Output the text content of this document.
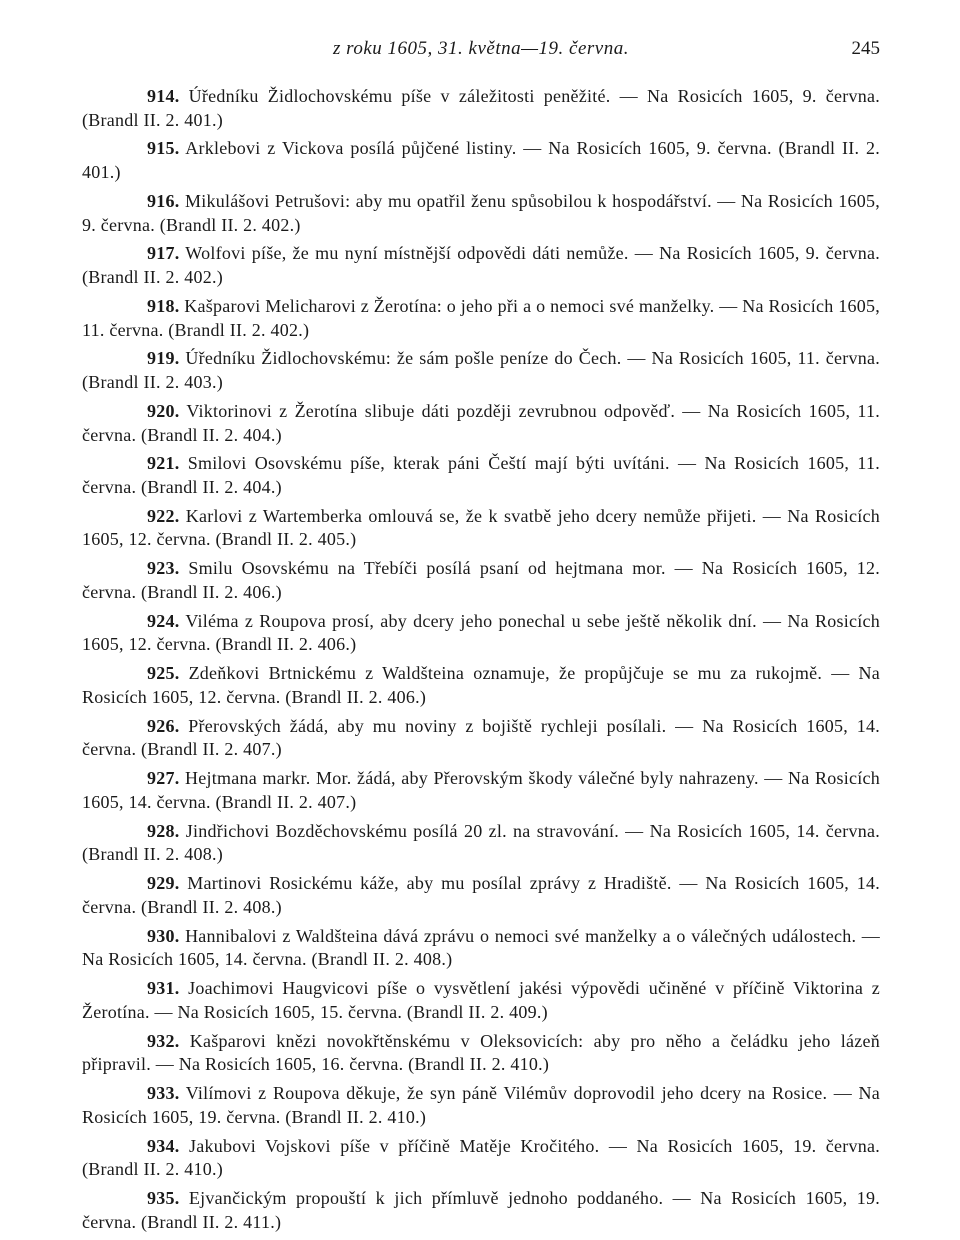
z roku 1605, 31. května—19. června.	245

914. Úředníku Židlochovskému píše v záležitosti peněžité. — Na Rosicích 1605, 9. června. (Brandl II. 2. 401.)

915. Arklebovi z Vickova posílá půjčené listiny. — Na Rosicích 1605, 9. června. (Brandl II. 2. 401.)

916. Mikulášovi Petrušovi: aby mu opatřil ženu spůsobilou k hospodářství. — Na Rosicích 1605, 9. června. (Brandl II. 2. 402.)

917. Wolfovi píše, že mu nyní místnější odpovědi dáti nemůže. — Na Rosicích 1605, 9. června. (Brandl II. 2. 402.)

918. Kašparovi Melicharovi z Žerotína: o jeho při a o nemoci své manželky. — Na Rosicích 1605, 11. června. (Brandl II. 2. 402.)

919. Úředníku Židlochovskému: že sám pošle peníze do Čech. — Na Rosicích 1605, 11. června. (Brandl II. 2. 403.)

920. Viktorinovi z Žerotína slibuje dáti později zevrubnou odpověď. — Na Rosicích 1605, 11. června. (Brandl II. 2. 404.)

921. Smilovi Osovskému píše, kterak páni Čeští mají býti uvítáni. — Na Rosicích 1605, 11. června. (Brandl II. 2. 404.)

922. Karlovi z Wartemberka omlouvá se, že k svatbě jeho dcery nemůže přijeti. — Na Rosicích 1605, 12. června. (Brandl II. 2. 405.)

923. Smilu Osovskému na Třebíči posílá psaní od hejtmana mor. — Na Rosicích 1605, 12. června. (Brandl II. 2. 406.)

924. Vilémа z Roupova prosí, aby dcery jeho ponechal u sebe ještě několik dní. — Na Rosicích 1605, 12. června. (Brandl II. 2. 406.)

925. Zdeňkovi Brtnickému z Waldšteina oznamuje, že propůjčuje se mu za rukojmě. — Na Rosicích 1605, 12. června. (Brandl II. 2. 406.)

926. Přerovských žádá, aby mu noviny z bojiště rychleji posílali. — Na Rosicích 1605, 14. června. (Brandl II. 2. 407.)

927. Hejtmana markr. Mor. žádá, aby Přerovským škody válečné byly nahrazeny. — Na Rosicích 1605, 14. června. (Brandl II. 2. 407.)

928. Jindřichovi Bozděchovskému posílá 20 zl. na stravování. — Na Rosicích 1605, 14. června. (Brandl II. 2. 408.)

929. Martinovi Rosickému káže, aby mu posílal zprávy z Hradiště. — Na Rosicích 1605, 14. června. (Brandl II. 2. 408.)

930. Hannibalovi z Waldšteina dává zprávu o nemoci své manželky a o válečných událostech. — Na Rosicích 1605, 14. června. (Brandl II. 2. 408.)

931. Joachimovi Haugvicovi píše o vysvětlení jakési výpovědi učiněné v příčině Viktorina z Žerotína. — Na Rosicích 1605, 15. června. (Brandl II. 2. 409.)

932. Kašparovi knězi novokřtěnskému v Oleksovicích: aby pro něho a čeládku jeho lázeň připravil. — Na Rosicích 1605, 16. června. (Brandl II. 2. 410.)

933. Vilímovi z Roupova děkuje, že syn páně Vilémův doprovodil jeho dcery na Rosice. — Na Rosicích 1605, 19. června. (Brandl II. 2. 410.)

934. Jakubovi Vojskovi píše v příčině Matěje Kročitého. — Na Rosicích 1605, 19. června. (Brandl II. 2. 410.)

935. Ejvančickým propouští k jich přímluvě jednoho poddaného. — Na Rosicích 1605, 19. června. (Brandl II. 2. 411.)
